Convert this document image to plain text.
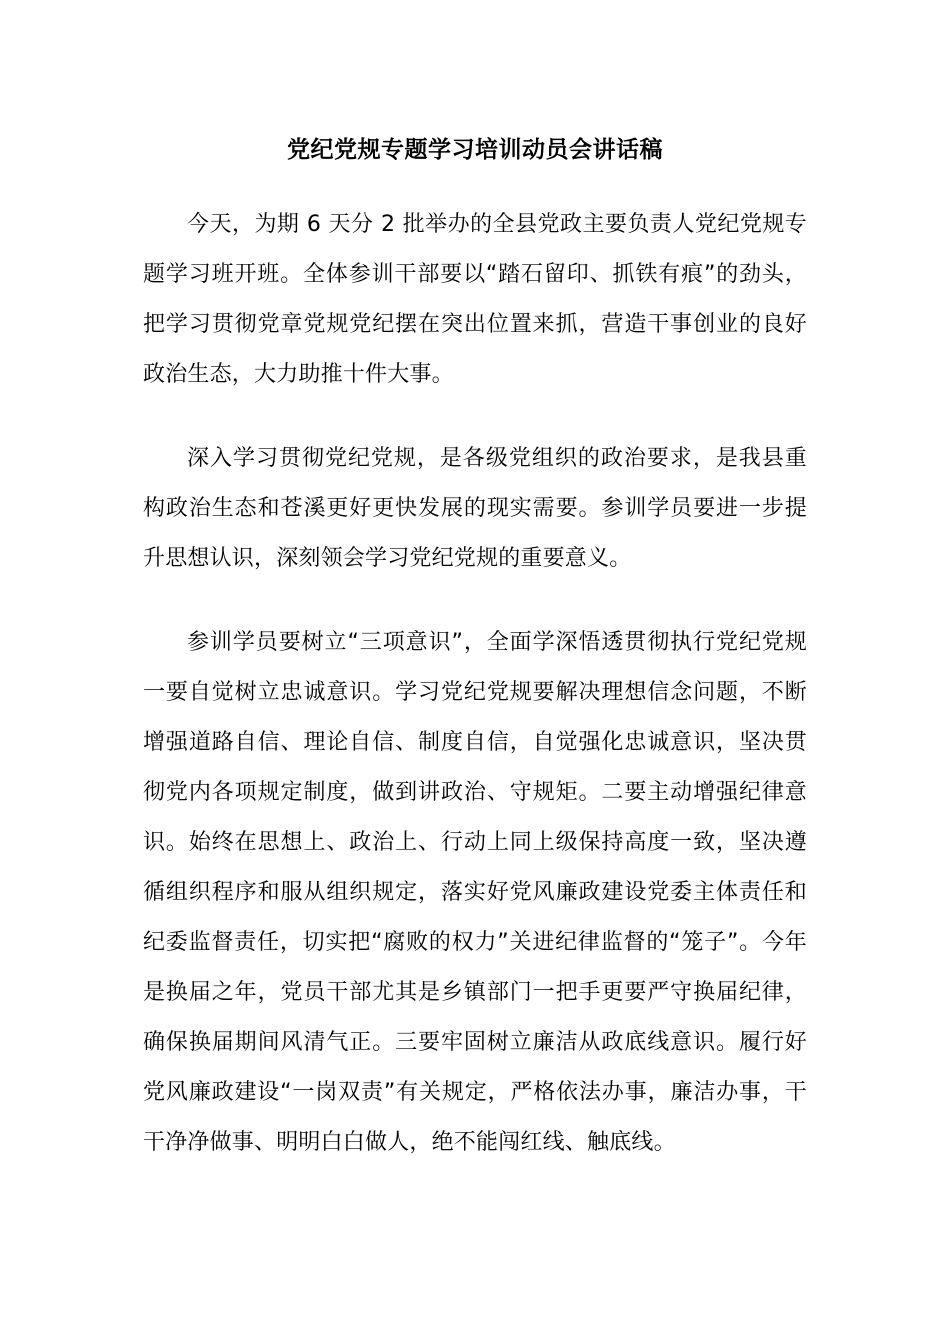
党纪党规专题学习培训动员会讲话稿

今天，为期 6 天分 2 批举办的全县党政主要负责人党纪党规专题学习班开班。全体参训干部要以“踏石留印、抓铁有痕”的劲头，把学习贯彻党章党规党纪摆在突出位置来抓，营造干事创业的良好政治生态，大力助推十件大事。

深入学习贯彻党纪党规，是各级党组织的政治要求，是我县重构政治生态和苍溪更好更快发展的现实需要。参训学员要进一步提升思想认识，深刻领会学习党纪党规的重要意义。

参训学员要树立“三项意识”，全面学深悟透贯彻执行党纪党规一要自觉树立忠诚意识。学习党纪党规要解决理想信念问题，不断增强道路自信、理论自信、制度自信，自觉强化忠诚意识，坚决贯彻党内各项规定制度，做到讲政治、守规矩。二要主动增强纪律意识。始终在思想上、政治上、行动上同上级保持高度一致，坚决遵循组织程序和服从组织规定，落实好党风廉政建设党委主体责任和纪委监督责任，切实把“腐败的权力”关进纪律监督的“笼子”。今年是换届之年，党员干部尤其是乡镇部门一把手更要严守换届纪律，确保换届期间风清气正。三要牢固树立廉洁从政底线意识。履行好党风廉政建设“一岗双责”有关规定，严格依法办事，廉洁办事，干干净净做事、明明白白做人，绝不能闯红线、触底线。
